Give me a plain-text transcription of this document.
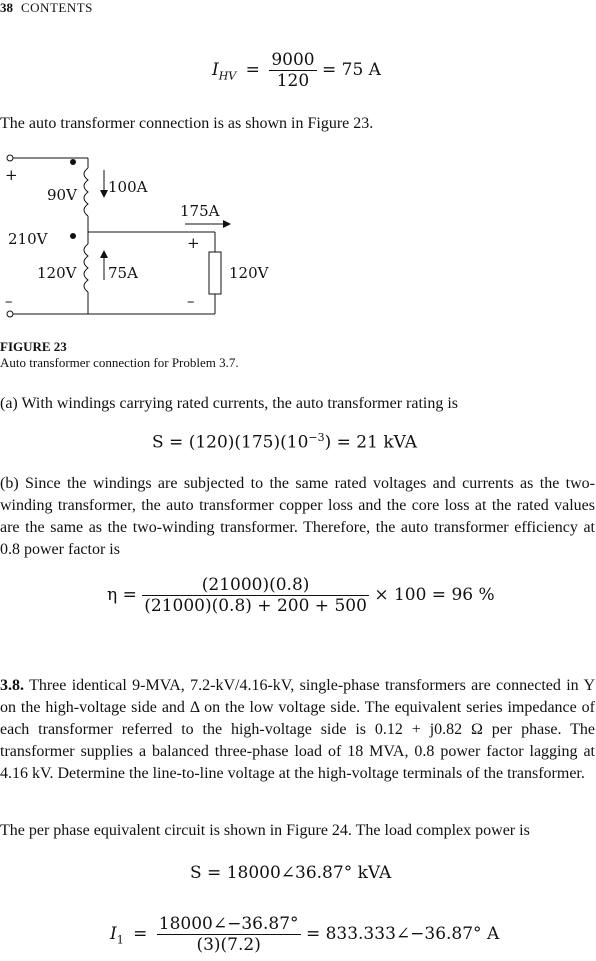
38 CONTENTS
$I_{HV} = \frac{9000}{120} = 75$ A
The auto transformer connection is as shown in Figure 23.
+
–
90V 100A
175A
210V	+
120V 75A	120V
–
FIGURE 23
Auto transformer connection for Problem 3.7.
(a) With windings carrying rated currents, the auto transformer rating is
$S = (120)(175)(10^{-3}) = 21$ kVA
(b) Since the windings are subjected to the same rated voltages and currents as the two-winding transformer, the auto transformer copper loss and the core loss at the rated values are the same as the two-winding transformer. Therefore, the auto transformer efficiency at 0.8 power factor is
$\eta = \frac{(21000)(0.8)}{(21000)(0.8) + 200 + 500} \times 100 = 96$ %
3.8. Three identical 9-MVA, 7.2-kV/4.16-kV, single-phase transformers are connected in Y on the high-voltage side and Δ on the low voltage side. The equivalent series impedance of each transformer referred to the high-voltage side is 0.12 + j0.82 Ω per phase. The transformer supplies a balanced three-phase load of 18 MVA, 0.8 power factor lagging at 4.16 kV. Determine the line-to-line voltage at the high-voltage terminals of the transformer.
The per phase equivalent circuit is shown in Figure 24. The load complex power is
S = 18000∠36.87° kVA
$I_1 = \frac{18000\angle-36.87^\circ}{(3)(7.2)}$ = 833.333∠−36.87° A
